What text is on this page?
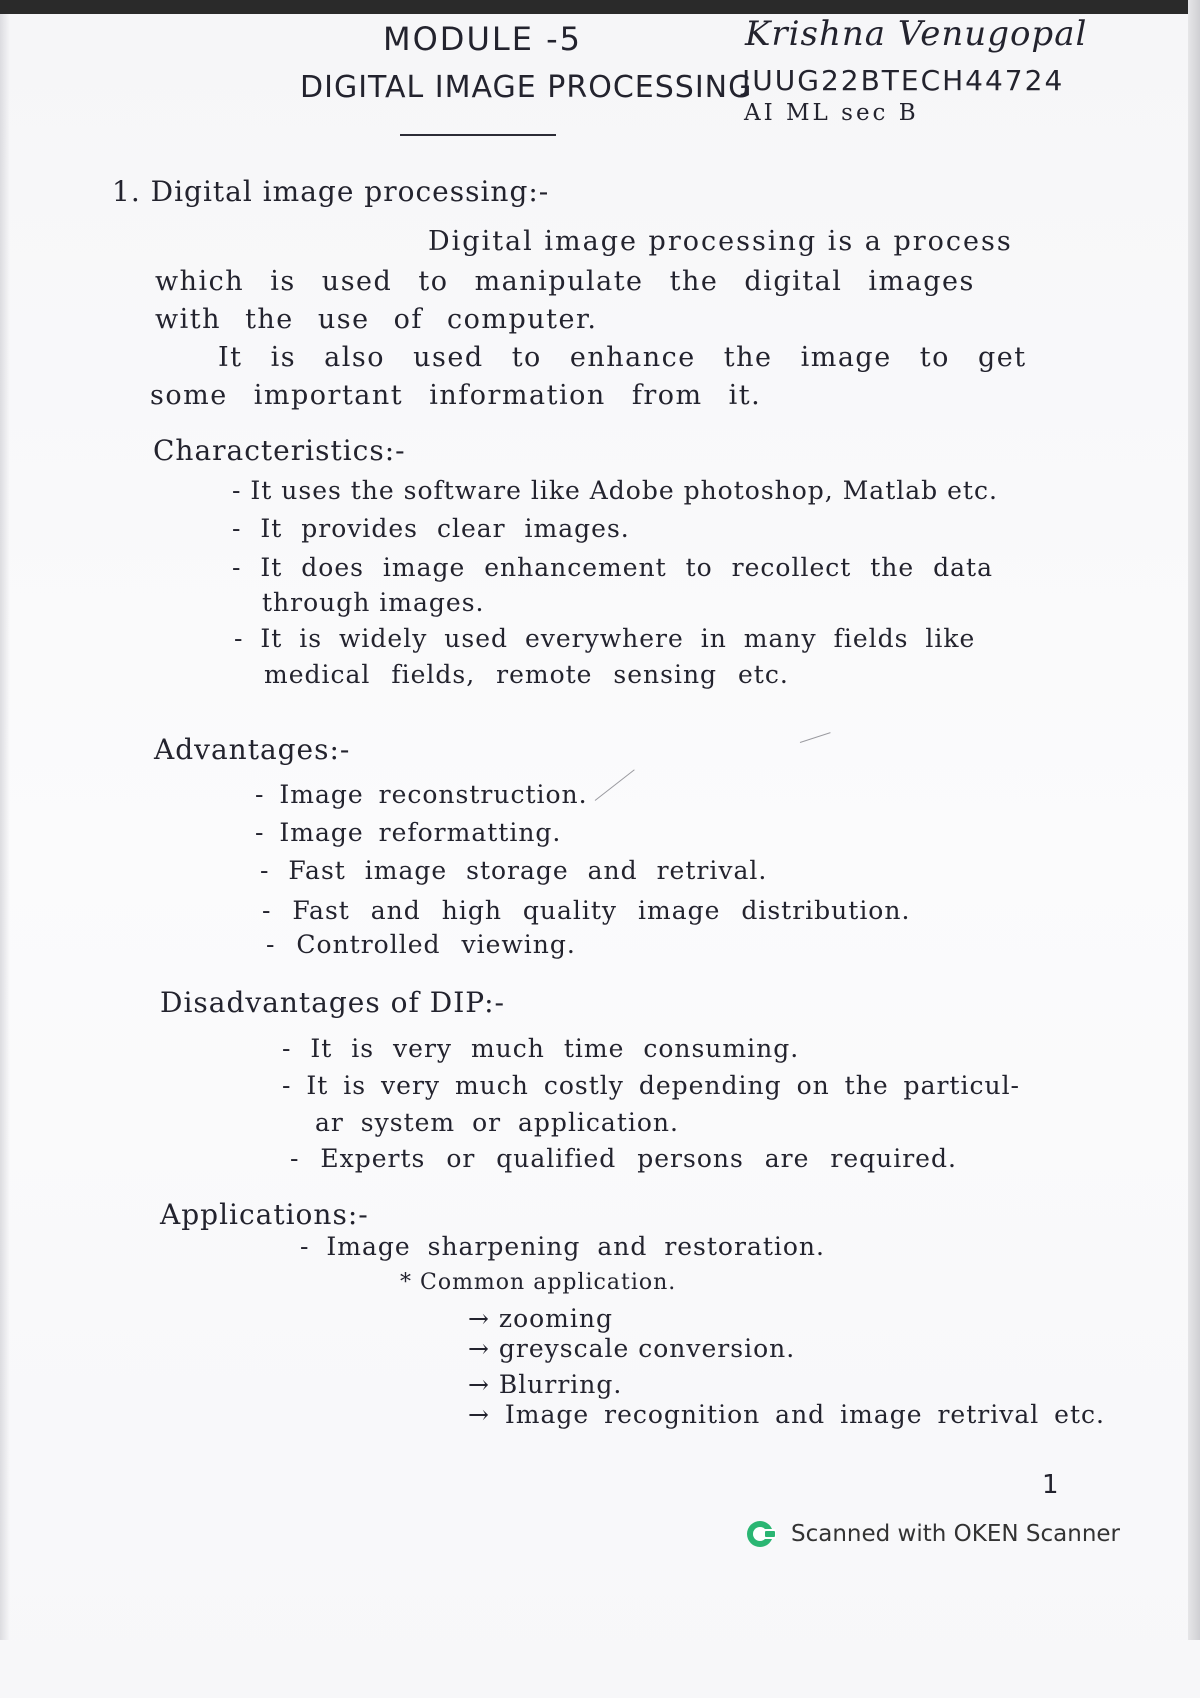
MODULE -5
DIGITAL IMAGE PROCESSING
Krishna Venugopal
JUUG22BTECH44724
AI ML sec B
1. Digital image processing:-
Digital image processing is a process
which is used to manipulate the digital images
with the use of computer.
It is also used to enhance the image to get
some important information from it.
Characteristics:-
- It uses the software like Adobe photoshop, Matlab etc.
- It provides clear images.
- It does image enhancement to recollect the data
through images.
- It is widely used everywhere in many fields like
medical fields, remote sensing etc.
Advantages:-
- Image reconstruction.
- Image reformatting.
- Fast image storage and retrival.
- Fast and high quality image distribution.
- Controlled viewing.
Disadvantages of DIP:-
- It is very much time consuming.
- It is very much costly depending on the particul-
ar system or application.
- Experts or qualified persons are required.
Applications:-
- Image sharpening and restoration.
* Common application.
→ zooming
→ greyscale conversion.
→ Blurring.
→ Image recognition and image retrival etc.
1
Scanned with OKEN Scanner
